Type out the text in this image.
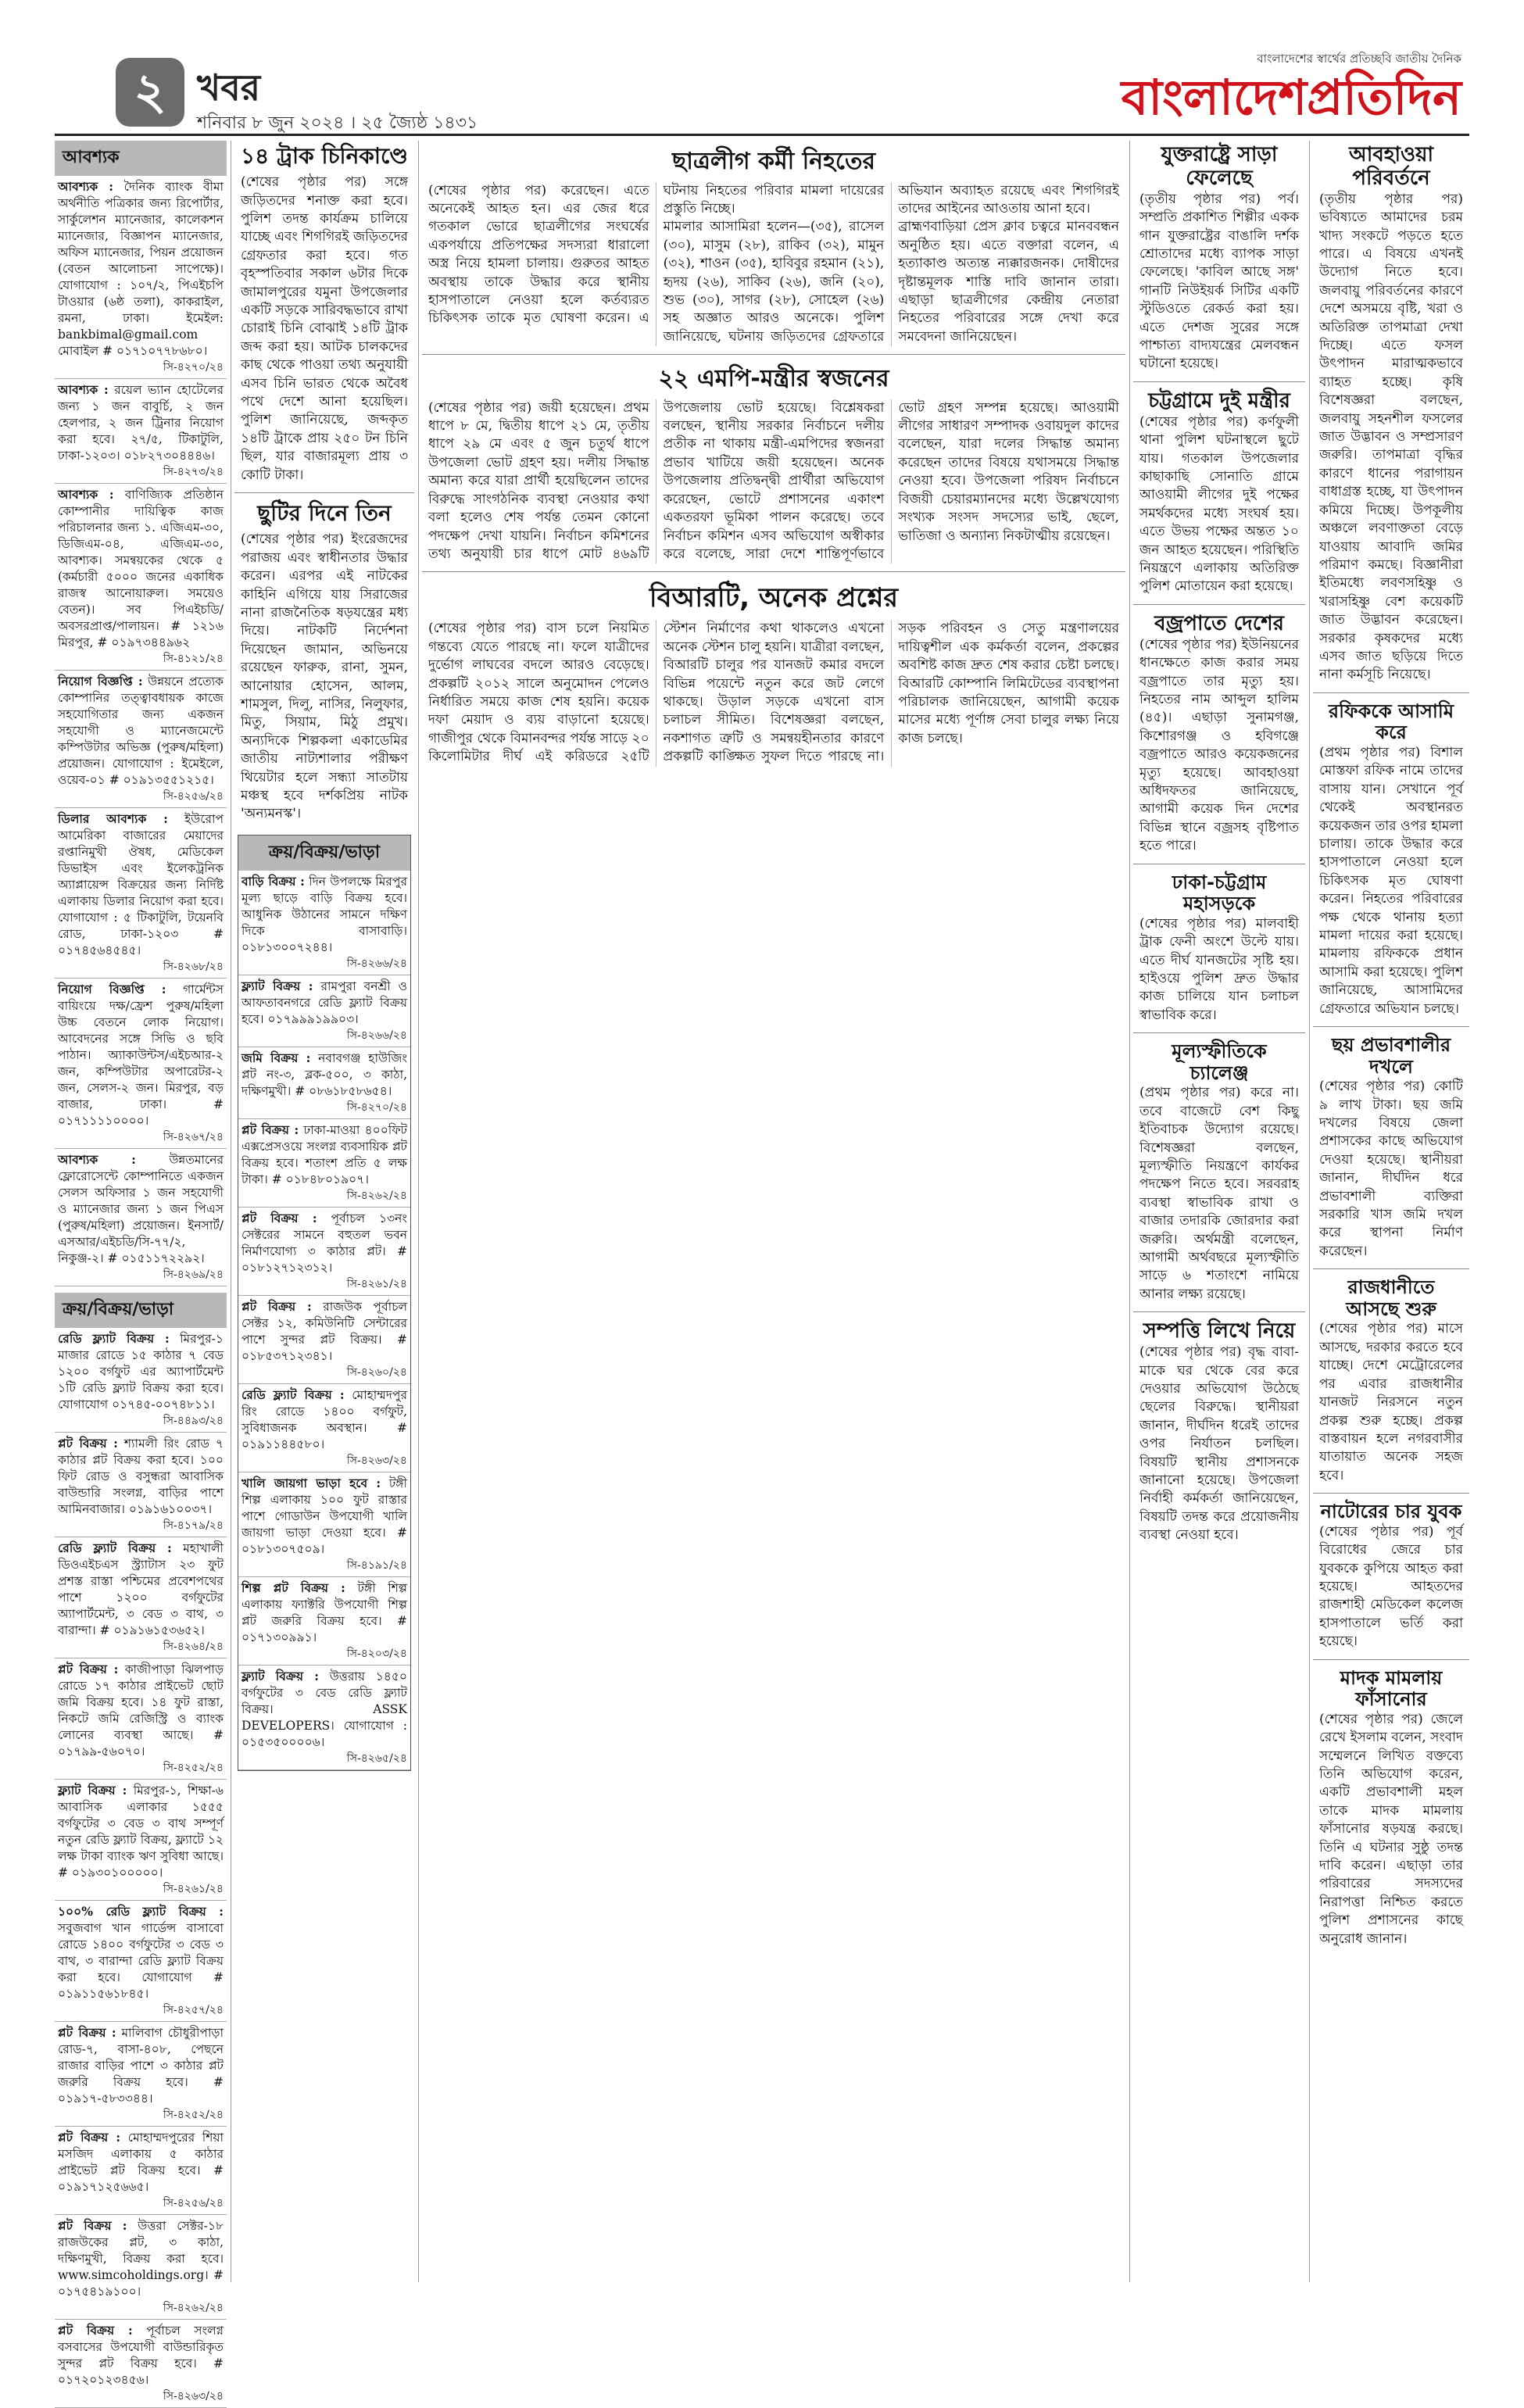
২ খবর
শনিবার ৮ জুন ২০২৪ । ২৫ জ্যৈষ্ঠ ১৪৩১
বাংলাদেশের স্বার্থের প্রতিচ্ছবি জাতীয় দৈনিক
বাংলাদেশপ্রতিদিন
আবশ্যক
আবশ্যক : দৈনিক ব্যাংক বীমা অর্থনীতি পত্রিকার জন্য রিপোর্টার, সার্কুলেশন ম্যানেজার, কালেকশন ম্যানেজার, বিজ্ঞাপন ম্যানেজার, অফিস ম্যানেজার, পিয়ন প্রয়োজন (বেতন আলোচনা সাপেক্ষে)। যোগাযোগ : ১০৭/২, পিএইচপি টাওয়ার (৬ষ্ঠ তলা), কাকরাইল, রমনা, ঢাকা। ইমেইল: bankbimal@gmail.com মোবাইল # ০১৭১০৭৭৮৬৮০।
সি-৪২৭০/২৪
আবশ্যক : রয়েল ভ্যান হোটেলের জন্য ১ জন বাবুর্চি, ২ জন হেলপার, ২ জন ট্রিনার নিয়োগ করা হবে। ২৭/৫, টিকাটুলি, ঢাকা-১২০৩। ০১৮২৭৩০৪৪৪৬।
সি-৪২৭৩/২৪
আবশ্যক : বাণিজ্যিক প্রতিষ্ঠান কোম্পানীর দায়িত্বিক কাজ পরিচালনার জন্য ১. এজিএম-৩০, ডিজিএম-০৪, এজিএম-৩০, আবশ্যক। সমন্বয়কের থেকে ৫ (কর্মচারী ৫০০০ জনের একাধিক রাজস্ব আনোয়ারুল। সময়েও বেতন)। সব পিএইচডি/অবসরপ্রাপ্ত/পালায়ন। # ১২১৬ মিরপুর, # ০১৯৭৩৪৪৯৬২
সি-৪১২১/২৪
নিয়োগ বিজ্ঞপ্তি : উন্নয়নে প্রত্যেক কোম্পানির তত্ত্বাবধায়ক কাজে সহযোগিতার জন্য একজন সহযোগী ও ম্যানেজমেন্টে কম্পিউটার অভিজ্ঞ (পুরুষ/মহিলা) প্রয়োজন। যোগাযোগ : ইমেইলে, ওয়েব-০১ # ০১৯১৩৫৫১২১৫।
সি-৪২৫৬/২৪
ডিলার আবশ্যক : ইউরোপ আমেরিকা বাজারের মেয়াদের রপ্তানিমুখী ঔষধ, মেডিকেল ডিভাইস এবং ইলেকট্রনিক অ্যাপ্লায়েন্স বিক্রয়ের জন্য নির্দিষ্ট এলাকায় ডিলার নিয়োগ করা হবে। যোগাযোগ : ৫ টিকাটুলি, টয়েনবি রোড, ঢাকা-১২০৩ # ০১৭৪৫৬৪৫৪৫।
সি-৪২৬৮/২৪
নিয়োগ বিজ্ঞপ্তি : গার্মেন্টস বায়িংয়ে দক্ষ/ফ্রেশ পুরুষ/মহিলা উচ্চ বেতনে লোক নিয়োগ। আবেদনের সঙ্গে সিভি ও ছবি পাঠান। অ্যাকাউন্টস/এইচআর-২ জন, কম্পিউটার অপারেটর-২ জন, সেলস-২ জন। মিরপুর, বড় বাজার, ঢাকা। # ০১৭১১১১০০০০।
সি-৪২৬৭/২৪
আবশ্যক :	উন্নতমানের ফ্লোরোসেন্টে কোম্পানিতে একজন সেলস অফিসার ১ জন সহযোগী ও ম্যানেজার জন্য ১ জন পিএস (পুরুষ/মহিলা) প্রয়োজন। ইনসার্ট/এসআর/এইচডি/সি-৭৭/২, নিকুঞ্জ-২। # ০১৫১১৭২২৯২।
সি-৪২৬৯/২৪
ক্রয়/বিক্রয়/ভাড়া
রেডি ফ্ল্যাট বিক্রয় : মিরপুর-১ মাজার রোডে ১৫ কাঠার ৭ বেড ১২০০ বর্গফুট এর অ্যাপার্টমেন্ট ১টি রেডি ফ্ল্যাট বিক্রয় করা হবে। যোগাযোগ ০১৭৪৫-০০৭৪৮১১।
সি-৪৪৯৩/২৪
প্লট বিক্রয় : শ্যামলী রিং রোড ৭ কাঠার প্লট বিক্রয় করা হবে। ১০০ ফিট রোড ও বসুন্ধরা আবাসিক বাউন্ডারি সংলগ্ন, বাড়ির পাশে আমিনবাজার। ০১৯১৬১০০৩৭।
সি-৪১৭৯/২৪
রেডি ফ্ল্যাট বিক্রয় : মহাখালী ডিওএইচএস স্ট্র্যাটাস ২৩ ফুট প্রশস্ত রাস্তা পশ্চিমের প্রবেশপথের পাশে ১২০০ বর্গফুটের অ্যাপার্টমেন্ট, ৩ বেড ৩ বাথ, ৩ বারান্দা। # ০১৯১৬১৫৩৬৫২।
সি-৪২৬৪/২৪
প্লট বিক্রয় : কাজীপাড়া ঝিলপাড় রোডে ১৭ কাঠার প্রাইভেট ছোট জমি বিক্রয় হবে। ১৪ ফুট রাস্তা, নিকটে জমি রেজিস্ট্রি ও ব্যাংক লোনের ব্যবস্থা আছে। # ০১৭৯৯-৫৬০৭০।
সি-৪২৫২/২৪
ফ্ল্যাট বিক্রয় : মিরপুর-১, শিক্ষা-৬ আবাসিক এলাকার ১৫৫৫ বর্গফুটের ৩ বেড ৩ বাথ সম্পূর্ণ নতুন রেডি ফ্ল্যাট বিক্রয়, ফ্ল্যাটে ১২ লক্ষ টাকা ব্যাংক ঋণ সুবিধা আছে। # ০১৯৩০১০০০০০।
সি-৪২৬১/২৪
১০০% রেডি ফ্ল্যাট বিক্রয় : সবুজবাগ খান গার্ডেন্স বাসাবো রোডে ১৪০০ বর্গফুটের ৩ বেড ৩ বাথ, ৩ বারান্দা রেডি ফ্ল্যাট বিক্রয় করা হবে। যোগাযোগ # ০১৯১১৫৬১৮৪৫।
সি-৪২৫৭/২৪
প্লট বিক্রয় : মালিবাগ চৌধুরীপাড়া রোড-৭, বাসা-৪০৮, পেছনে রাজার বাড়ির পাশে ৩ কাঠার প্লট জরুরি বিক্রয় হবে। # ০১৯১৭-৫৮৩৩৪৪।
সি-৪২৫২/২৪
প্লট বিক্রয় : মোহাম্মদপুরের শিয়া মসজিদ এলাকায় ৫ কাঠার প্রাইভেট প্লট বিক্রয় হবে। # ০১৯১৭১২৫৬৬৫।
সি-৪২৫৬/২৪
প্লট বিক্রয় : উত্তরা সেক্টর-১৮ রাজউকের প্লট, ৩ কাঠা, দক্ষিণমুখী, বিক্রয় করা হবে। www.simcoholdings.org। # ০১৭৫৪১৯১০০।
সি-৪২৬২/২৪
প্লট বিক্রয় : পূর্বাচল সংলগ্ন বসবাসের উপযোগী বাউন্ডারিকৃত সুন্দর প্লট বিক্রয় হবে। # ০১৭২০১২৩৪৫৬।
সি-৪২৬৩/২৪
১৪ ট্রাক চিনিকাণ্ডে
(শেষের পৃষ্ঠার পর) সঙ্গে জড়িতদের শনাক্ত করা হবে। পুলিশ তদন্ত কার্যক্রম চালিয়ে যাচ্ছে এবং শিগগিরই জড়িতদের গ্রেফতার করা হবে। গত বৃহস্পতিবার সকাল ৬টার দিকে জামালপুরের যমুনা উপজেলার একটি সড়কে সারিবদ্ধভাবে রাখা চোরাই চিনি বোঝাই ১৪টি ট্রাক জব্দ করা হয়। আটক চালকদের কাছ থেকে পাওয়া তথ্য অনুযায়ী এসব চিনি ভারত থেকে অবৈধ পথে দেশে আনা হয়েছিল। পুলিশ জানিয়েছে, জব্দকৃত ১৪টি ট্রাকে প্রায় ২৫০ টন চিনি ছিল, যার বাজারমূল্য প্রায় ৩ কোটি টাকা।
ছুটির দিনে তিন
(শেষের পৃষ্ঠার পর) ইংরেজদের পরাজয় এবং স্বাধীনতার উদ্ধার করেন। এরপর এই নাটকের কাহিনি এগিয়ে যায় সিরাজের নানা রাজনৈতিক ষড়যন্ত্রের মধ্য দিয়ে। নাটকটি নির্দেশনা দিয়েছেন জামান, অভিনয়ে রয়েছেন ফারুক, রানা, সুমন, আনোয়ার হোসেন, আলম, শামসুল, দিলু, নাসির, নিলুফার, মিতু, সিয়াম, মিঠু প্রমুখ। অন্যদিকে শিল্পকলা একাডেমির জাতীয় নাট্যশালার পরীক্ষণ থিয়েটার হলে সন্ধ্যা সাতটায় মঞ্চস্থ হবে দর্শকপ্রিয় নাটক 'অন্যমনস্ক'।
ক্রয়/বিক্রয়/ভাড়া
বাড়ি বিক্রয় : দিন উপলক্ষে মিরপুর মূল্য ছাড়ে বাড়ি বিক্রয় হবে। আধুনিক উঠানের সামনে দক্ষিণ দিকে বাসাবাড়ি। ০১৮১৩০০৭২৪৪।
সি-৪২৬৬/২৪
ফ্ল্যাট বিক্রয় : রামপুরা বনশ্রী ও আফতাবনগরে রেডি ফ্ল্যাট বিক্রয় হবে। ০১৭৯৯৯১৯৯০৩।
সি-৪২৬৬/২৪
জমি বিক্রয় : নবাবগঞ্জ হাউজিং প্লট নং-৩, ব্লক-৫০০, ৩ কাঠা, দক্ষিণমুখী। # ০৮৬১৮৫৮৬৫৪।
সি-৪২৭০/২৪
প্লট বিক্রয় : ঢাকা-মাওয়া ৪০০ফিট এক্সপ্রেসওয়ে সংলগ্ন ব্যবসায়িক প্লট বিক্রয় হবে। শতাংশ প্রতি ৫ লক্ষ টাকা। # ০১৮৪৮০১৯০৭।
সি-৪২৬২/২৪
প্লট বিক্রয় : পূর্বাচল ১৩নং সেক্টরের সামনে বহুতল ভবন নির্মাণযোগ্য ৩ কাঠার প্লট। # ০১৮১২৭১২৩১২।
সি-৪২৬১/২৪
প্লট বিক্রয় : রাজউক পূর্বাচল সেক্টর ১২, কমিউনিটি সেন্টারের পাশে সুন্দর প্লট বিক্রয়। # ০১৮৫৩৭১২৩৪১।
সি-৪২৬০/২৪
রেডি ফ্ল্যাট বিক্রয় : মোহাম্মদপুর রিং রোডে ১৪০০ বর্গফুট, সুবিধাজনক অবস্থান। # ০১৯১১৪৪৫৮০।
সি-৪২৬৩/২৪
খালি জায়গা ভাড়া হবে : টঙ্গী শিল্প এলাকায় ১০০ ফুট রাস্তার পাশে গোডাউন উপযোগী খালি জায়গা ভাড়া দেওয়া হবে। # ০১৮১৩০৭৫০৯।
সি-৪১৯১/২৪
শিল্প প্লট বিক্রয় : টঙ্গী শিল্প এলাকায় ফ্যাক্টরি উপযোগী শিল্প প্লট জরুরি বিক্রয় হবে। # ০১৭১৩০৯৯১।
সি-৪২০৩/২৪
ফ্ল্যাট বিক্রয় : উত্তরায় ১৪৫০ বর্গফুটের ৩ বেড রেডি ফ্ল্যাট বিক্রয়। ASSK DEVELOPERS। যোগাযোগ : ০১৫৩৫০০০০৬।
সি-৪২৬৫/২৪
ছাত্রলীগ কর্মী নিহতের

(শেষের পৃষ্ঠার পর) করেছেন। এতে অনেকেই আহত হন। এর জের ধরে গতকাল ভোরে ছাত্রলীগের সংঘর্ষের একপর্যায়ে প্রতিপক্ষের সদস্যরা ধারালো অস্ত্র নিয়ে হামলা চালায়। গুরুতর আহত অবস্থায় তাকে উদ্ধার করে স্থানীয় হাসপাতালে নেওয়া হলে কর্তব্যরত চিকিৎসক তাকে মৃত ঘোষণা করেন। এ ঘটনায় নিহতের পরিবার মামলা দায়েরের প্রস্তুতি নিচ্ছে।

মামলার আসামিরা হলেন—(৩৫), রাসেল (৩০), মাসুম (২৮), রাকিব (৩২), মামুন (৩২), শাওন (৩৫), হাবিবুর রহমান (২১), হৃদয় (২৬), সাকিব (২৬), জনি (২০), শুভ (৩০), সাগর (২৮), সোহেল (২৬) সহ অজ্ঞাত আরও অনেকে। পুলিশ জানিয়েছে, ঘটনায় জড়িতদের গ্রেফতারে অভিযান অব্যাহত রয়েছে এবং শিগগিরই তাদের আইনের আওতায় আনা হবে।

ব্রাহ্মণবাড়িয়া প্রেস ক্লাব চত্বরে মানববন্ধন অনুষ্ঠিত হয়। এতে বক্তারা বলেন, এ হত্যাকাণ্ড অত্যন্ত ন্যক্কারজনক। দোষীদের দৃষ্টান্তমূলক শাস্তি দাবি জানান তারা। এছাড়া ছাত্রলীগের কেন্দ্রীয় নেতারা নিহতের পরিবারের সঙ্গে দেখা করে সমবেদনা জানিয়েছেন।

২২ এমপি-মন্ত্রীর স্বজনের
(শেষের পৃষ্ঠার পর) জয়ী হয়েছেন। প্রথম ধাপে ৮ মে, দ্বিতীয় ধাপে ২১ মে, তৃতীয় ধাপে ২৯ মে এবং ৫ জুন চতুর্থ ধাপে উপজেলা ভোট গ্রহণ হয়। দলীয় সিদ্ধান্ত অমান্য করে যারা প্রার্থী হয়েছিলেন তাদের বিরুদ্ধে সাংগঠনিক ব্যবস্থা নেওয়ার কথা বলা হলেও শেষ পর্যন্ত তেমন কোনো পদক্ষেপ দেখা যায়নি। নির্বাচন কমিশনের তথ্য অনুযায়ী চার ধাপে মোট ৪৬৯টি উপজেলায় ভোট হয়েছে। বিশ্লেষকরা বলছেন, স্থানীয় সরকার নির্বাচনে দলীয় প্রতীক না থাকায় মন্ত্রী-এমপিদের স্বজনরা প্রভাব খাটিয়ে জয়ী হয়েছেন। অনেক উপজেলায় প্রতিদ্বন্দ্বী প্রার্থীরা অভিযোগ করেছেন, ভোটে প্রশাসনের একাংশ একতরফা ভূমিকা পালন করেছে। তবে নির্বাচন কমিশন এসব অভিযোগ অস্বীকার করে বলেছে, সারা দেশে শান্তিপূর্ণভাবে ভোট গ্রহণ সম্পন্ন হয়েছে। আওয়ামী লীগের সাধারণ সম্পাদক ওবায়দুল কাদের বলেছেন, যারা দলের সিদ্ধান্ত অমান্য করেছেন তাদের বিষয়ে যথাসময়ে সিদ্ধান্ত নেওয়া হবে। উপজেলা পরিষদ নির্বাচনে বিজয়ী চেয়ারম্যানদের মধ্যে উল্লেখযোগ্য সংখ্যক সংসদ সদস্যের ভাই, ছেলে, ভাতিজা ও অন্যান্য নিকটাত্মীয় রয়েছেন।
বিআরটি, অনেক প্রশ্নের
(শেষের পৃষ্ঠার পর) বাস চলে নিয়মিত গন্তব্যে যেতে পারছে না। ফলে যাত্রীদের দুর্ভোগ লাঘবের বদলে আরও বেড়েছে। প্রকল্পটি ২০১২ সালে অনুমোদন পেলেও নির্ধারিত সময়ে কাজ শেষ হয়নি। কয়েক দফা মেয়াদ ও ব্যয় বাড়ানো হয়েছে। গাজীপুর থেকে বিমানবন্দর পর্যন্ত সাড়ে ২০ কিলোমিটার দীর্ঘ এই করিডরে ২৫টি স্টেশন নির্মাণের কথা থাকলেও এখনো অনেক স্টেশন চালু হয়নি। যাত্রীরা বলছেন, বিআরটি চালুর পর যানজট কমার বদলে বিভিন্ন পয়েন্টে নতুন করে জট লেগে থাকছে। উড়াল সড়কে এখনো বাস চলাচল সীমিত। বিশেষজ্ঞরা বলছেন, নকশাগত ত্রুটি ও সমন্বয়হীনতার কারণে প্রকল্পটি কাঙ্ক্ষিত সুফল দিতে পারছে না। সড়ক পরিবহন ও সেতু মন্ত্রণালয়ের দায়িত্বশীল এক কর্মকর্তা বলেন, প্রকল্পের অবশিষ্ট কাজ দ্রুত শেষ করার চেষ্টা চলছে। বিআরটি কোম্পানি লিমিটেডের ব্যবস্থাপনা পরিচালক জানিয়েছেন, আগামী কয়েক মাসের মধ্যে পূর্ণাঙ্গ সেবা চালুর লক্ষ্য নিয়ে কাজ চলছে।
যুক্তরাষ্ট্রে সাড়া ফেলেছে
(তৃতীয় পৃষ্ঠার পর) পর্ব। সম্প্রতি প্রকাশিত শিল্পীর একক গান যুক্তরাষ্ট্রের বাঙালি দর্শক শ্রোতাদের মধ্যে ব্যাপক সাড়া ফেলেছে। 'কাবিল আছে সঙ্গ' গানটি নিউইয়র্ক সিটির একটি স্টুডিওতে রেকর্ড করা হয়। এতে দেশজ সুরের সঙ্গে পাশ্চাত্য বাদ্যযন্ত্রের মেলবন্ধন ঘটানো হয়েছে।
চট্টগ্রামে দুই মন্ত্রীর
(শেষের পৃষ্ঠার পর) কর্ণফুলী থানা পুলিশ ঘটনাস্থলে ছুটে যায়। গতকাল উপজেলার কাছাকাছি সোনাতি গ্রামে আওয়ামী লীগের দুই পক্ষের সমর্থকদের মধ্যে সংঘর্ষ হয়। এতে উভয় পক্ষের অন্তত ১০ জন আহত হয়েছেন। পরিস্থিতি নিয়ন্ত্রণে এলাকায় অতিরিক্ত পুলিশ মোতায়েন করা হয়েছে।
বজ্রপাতে দেশের
(শেষের পৃষ্ঠার পর) ইউনিয়নের ধানক্ষেতে কাজ করার সময় বজ্রপাতে তার মৃত্যু হয়। নিহতের নাম আব্দুল হালিম (৪৫)। এছাড়া সুনামগঞ্জ, কিশোরগঞ্জ ও হবিগঞ্জে বজ্রপাতে আরও কয়েকজনের মৃত্যু হয়েছে। আবহাওয়া অধিদফতর জানিয়েছে, আগামী কয়েক দিন দেশের বিভিন্ন স্থানে বজ্রসহ বৃষ্টিপাত হতে পারে।
ঢাকা-চট্টগ্রাম মহাসড়কে
(শেষের পৃষ্ঠার পর) মালবাহী ট্রাক ফেনী অংশে উল্টে যায়। এতে দীর্ঘ যানজটের সৃষ্টি হয়। হাইওয়ে পুলিশ দ্রুত উদ্ধার কাজ চালিয়ে যান চলাচল স্বাভাবিক করে।
মূল্যস্ফীতিকে চ্যালেঞ্জ
(প্রথম পৃষ্ঠার পর) করে না। তবে বাজেটে বেশ কিছু ইতিবাচক উদ্যোগ রয়েছে। বিশেষজ্ঞরা বলছেন, মূল্যস্ফীতি নিয়ন্ত্রণে কার্যকর পদক্ষেপ নিতে হবে। সরবরাহ ব্যবস্থা স্বাভাবিক রাখা ও বাজার তদারকি জোরদার করা জরুরি। অর্থমন্ত্রী বলেছেন, আগামী অর্থবছরে মূল্যস্ফীতি সাড়ে ৬ শতাংশে নামিয়ে আনার লক্ষ্য রয়েছে।
সম্পত্তি লিখে নিয়ে
(শেষের পৃষ্ঠার পর) বৃদ্ধ বাবা-মাকে ঘর থেকে বের করে দেওয়ার অভিযোগ উঠেছে ছেলের বিরুদ্ধে। স্থানীয়রা জানান, দীর্ঘদিন ধরেই তাদের ওপর নির্যাতন চলছিল। বিষয়টি স্থানীয় প্রশাসনকে জানানো হয়েছে। উপজেলা নির্বাহী কর্মকর্তা জানিয়েছেন, বিষয়টি তদন্ত করে প্রয়োজনীয় ব্যবস্থা নেওয়া হবে।
আবহাওয়া পরিবর্তনে
(তৃতীয় পৃষ্ঠার পর) ভবিষ্যতে আমাদের চরম খাদ্য সংকটে পড়তে হতে পারে। এ বিষয়ে এখনই উদ্যোগ নিতে হবে। জলবায়ু পরিবর্তনের কারণে দেশে অসময়ে বৃষ্টি, খরা ও অতিরিক্ত তাপমাত্রা দেখা দিচ্ছে। এতে ফসল উৎপাদন মারাত্মকভাবে ব্যাহত হচ্ছে। কৃষি বিশেষজ্ঞরা বলছেন, জলবায়ু সহনশীল ফসলের জাত উদ্ভাবন ও সম্প্রসারণ জরুরি। তাপমাত্রা বৃদ্ধির কারণে ধানের পরাগায়ন বাধাগ্রস্ত হচ্ছে, যা উৎপাদন কমিয়ে দিচ্ছে। উপকূলীয় অঞ্চলে লবণাক্ততা বেড়ে যাওয়ায় আবাদি জমির পরিমাণ কমছে। বিজ্ঞানীরা ইতিমধ্যে লবণসহিষ্ণু ও খরাসহিষ্ণু বেশ কয়েকটি জাত উদ্ভাবন করেছেন। সরকার কৃষকদের মধ্যে এসব জাত ছড়িয়ে দিতে নানা কর্মসূচি নিয়েছে।
রফিককে আসামি করে
(প্রথম পৃষ্ঠার পর) বিশাল মোস্তফা রফিক নামে তাদের বাসায় যান। সেখানে পূর্ব থেকেই অবস্থানরত কয়েকজন তার ওপর হামলা চালায়। তাকে উদ্ধার করে হাসপাতালে নেওয়া হলে চিকিৎসক মৃত ঘোষণা করেন। নিহতের পরিবারের পক্ষ থেকে থানায় হত্যা মামলা দায়ের করা হয়েছে। মামলায় রফিককে প্রধান আসামি করা হয়েছে। পুলিশ জানিয়েছে, আসামিদের গ্রেফতারে অভিযান চলছে।
ছয় প্রভাবশালীর দখলে
(শেষের পৃষ্ঠার পর) কোটি ৯ লাখ টাকা। ছয় জমি দখলের বিষয়ে জেলা প্রশাসকের কাছে অভিযোগ দেওয়া হয়েছে। স্থানীয়রা জানান, দীর্ঘদিন ধরে প্রভাবশালী ব্যক্তিরা সরকারি খাস জমি দখল করে স্থাপনা নির্মাণ করেছেন।
রাজধানীতে আসছে শুরু
(শেষের পৃষ্ঠার পর) মাসে আসছে, দরকার করতে হবে যাচ্ছে। দেশে মেট্রোরেলের পর এবার রাজধানীর যানজট নিরসনে নতুন প্রকল্প শুরু হচ্ছে। প্রকল্প বাস্তবায়ন হলে নগরবাসীর যাতায়াত অনেক সহজ হবে।
নাটোরের চার যুবক
(শেষের পৃষ্ঠার পর) পূর্ব বিরোধের জেরে চার যুবককে কুপিয়ে আহত করা হয়েছে। আহতদের রাজশাহী মেডিকেল কলেজ হাসপাতালে ভর্তি করা হয়েছে।
মাদক মামলায় ফাঁসানোর
(শেষের পৃষ্ঠার পর) জেলে রেখে ইসলাম বলেন, সংবাদ সম্মেলনে লিখিত বক্তব্যে তিনি অভিযোগ করেন, একটি প্রভাবশালী মহল তাকে মাদক মামলায় ফাঁসানোর ষড়যন্ত্র করছে। তিনি এ ঘটনার সুষ্ঠু তদন্ত দাবি করেন। এছাড়া তার পরিবারের সদস্যদের নিরাপত্তা নিশ্চিত করতে পুলিশ প্রশাসনের কাছে অনুরোধ জানান।
